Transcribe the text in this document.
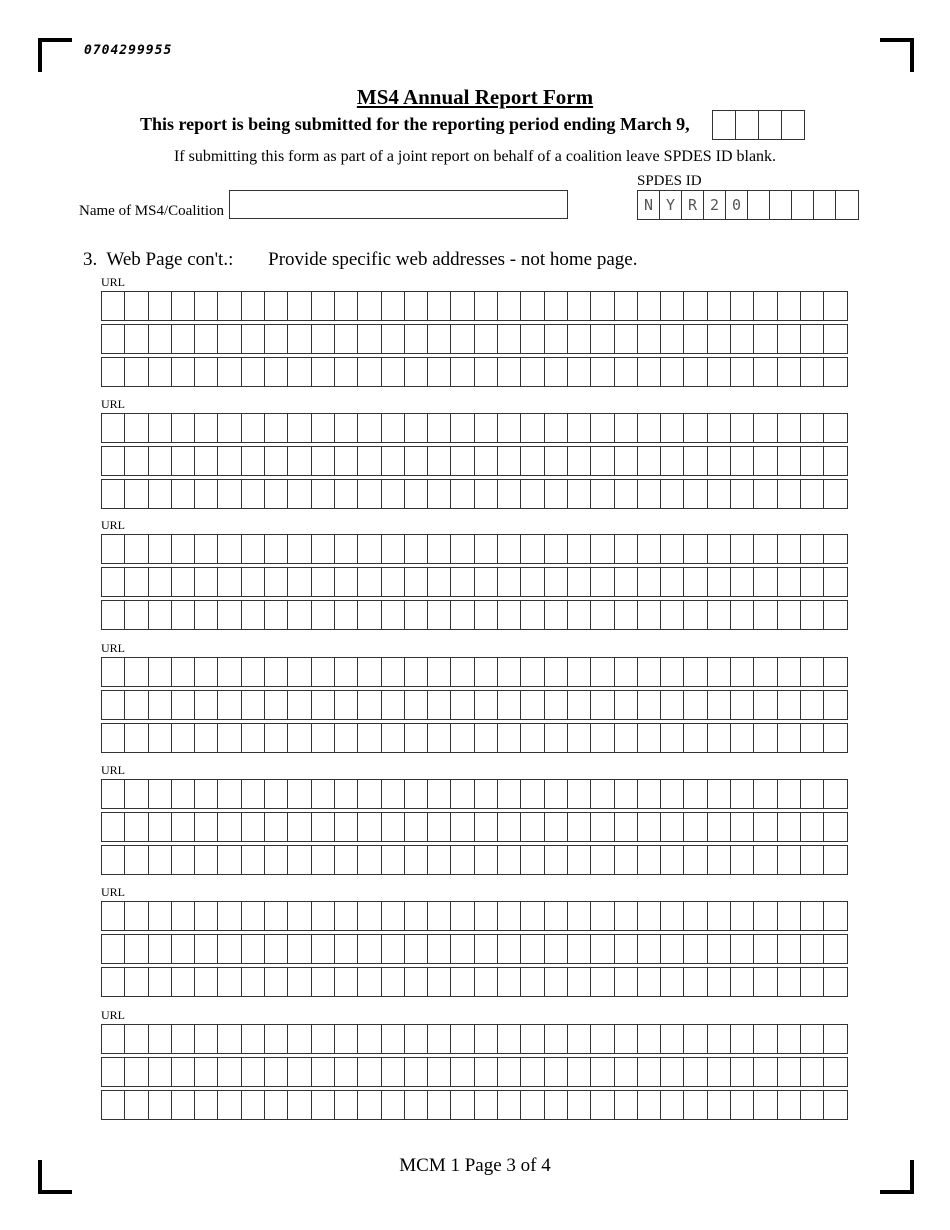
0704299955
MS4 Annual Report Form
This report is being submitted for the reporting period ending March 9,
If submitting this form as part of a joint report on behalf of a coalition leave SPDES ID blank.
Name of MS4/Coalition
SPDES ID
N Y R 2 0
3. Web Page con't.: Provide specific web addresses - not home page.
URL
URL
URL
URL
URL
URL
URL
MCM 1 Page 3 of 4
